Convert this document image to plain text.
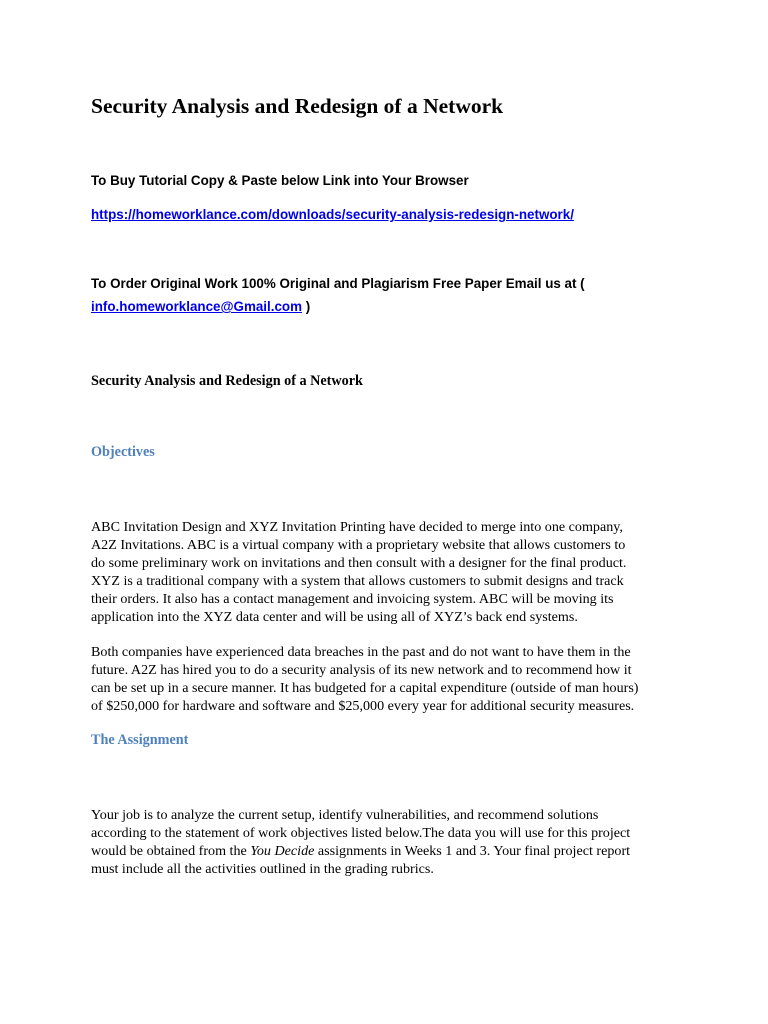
Security Analysis and Redesign of a Network
To Buy Tutorial Copy & Paste below Link into Your Browser
https://homeworklance.com/downloads/security-analysis-redesign-network/
To Order Original Work 100% Original and Plagiarism Free Paper Email us at (
info.homeworklance@Gmail.com )
Security Analysis and Redesign of a Network
Objectives
ABC Invitation Design and XYZ Invitation Printing have decided to merge into one company,
A2Z Invitations. ABC is a virtual company with a proprietary website that allows customers to
do some preliminary work on invitations and then consult with a designer for the final product.
XYZ is a traditional company with a system that allows customers to submit designs and track
their orders. It also has a contact management and invoicing system. ABC will be moving its
application into the XYZ data center and will be using all of XYZ’s back end systems.
Both companies have experienced data breaches in the past and do not want to have them in the
future. A2Z has hired you to do a security analysis of its new network and to recommend how it
can be set up in a secure manner. It has budgeted for a capital expenditure (outside of man hours)
of $250,000 for hardware and software and $25,000 every year for additional security measures.
The Assignment
Your job is to analyze the current setup, identify vulnerabilities, and recommend solutions
according to the statement of work objectives listed below.The data you will use for this project
would be obtained from the You Decide assignments in Weeks 1 and 3. Your final project report
must include all the activities outlined in the grading rubrics.
